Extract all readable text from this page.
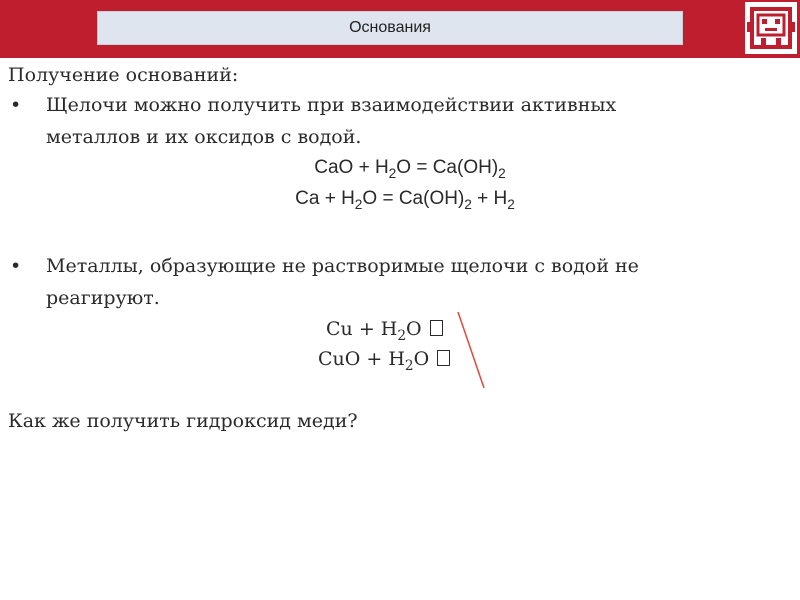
Основания
Получение оснований:
• Щелочи можно получить при взаимодействии активных
металлов и их оксидов с водой.
CaO + $H_2O = Ca(OH)_2$
$Ca + H_2O = Ca(OH)_2 + H_2$
• Металлы, образующие не растворимые щелочи с водой не
реагируют.
$Cu + H_2O$
CuO + $H_2O$
Как же получить гидроксид меди?
